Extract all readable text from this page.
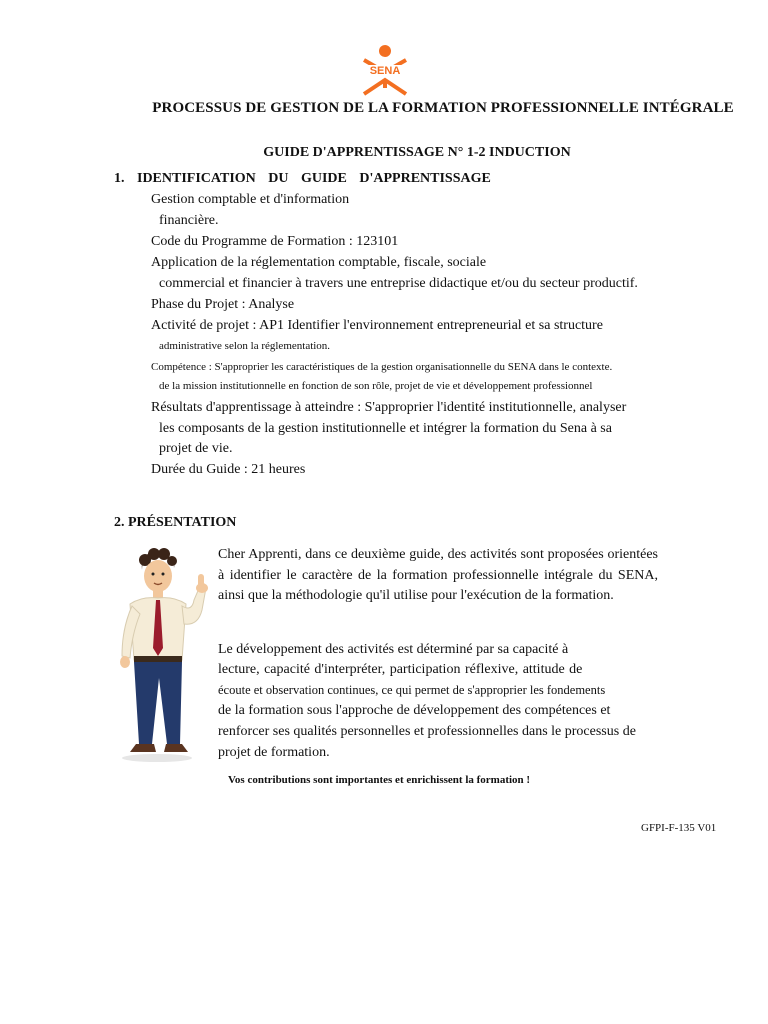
SENA
PROCESSUS DE GESTION DE LA FORMATION PROFESSIONNELLE INTÉGRALE
GUIDE D'APPRENTISSAGE N° 1-2 INDUCTION
1. IDENTIFICATION DU GUIDE D'APPRENTISSAGE
Gestion comptable et d'information
financière.
Code du Programme de Formation : 123101
Application de la réglementation comptable, fiscale, sociale
commercial et financier à travers une entreprise didactique et/ou du secteur productif.
Phase du Projet : Analyse
Activité de projet : AP1 Identifier l'environnement entrepreneurial et sa structure
administrative selon la réglementation.
Compétence : S'approprier les caractéristiques de la gestion organisationnelle du SENA dans le contexte.
de la mission institutionnelle en fonction de son rôle, projet de vie et développement professionnel
Résultats d'apprentissage à atteindre : S'approprier l'identité institutionnelle, analyser
les composants de la gestion institutionnelle et intégrer la formation du Sena à sa
projet de vie.
Durée du Guide : 21 heures
2. PRÉSENTATION

Cher Apprenti, dans ce deuxième guide, des activités sont proposées orientées à identifier le caractère de la formation professionnelle intégrale du SENA, ainsi que la méthodologie qu'il utilise pour l'exécution de la formation.

Le développement des activités est déterminé par sa capacité à
lecture, capacité d'interpréter, participation réflexive, attitude de
écoute et observation continues, ce qui permet de s'approprier les fondements
de la formation sous l'approche de développement des compétences et
renforcer ses qualités personnelles et professionnelles dans le processus de
projet de formation.
Vos contributions sont importantes et enrichissent la formation !
GFPI-F-135 V01
